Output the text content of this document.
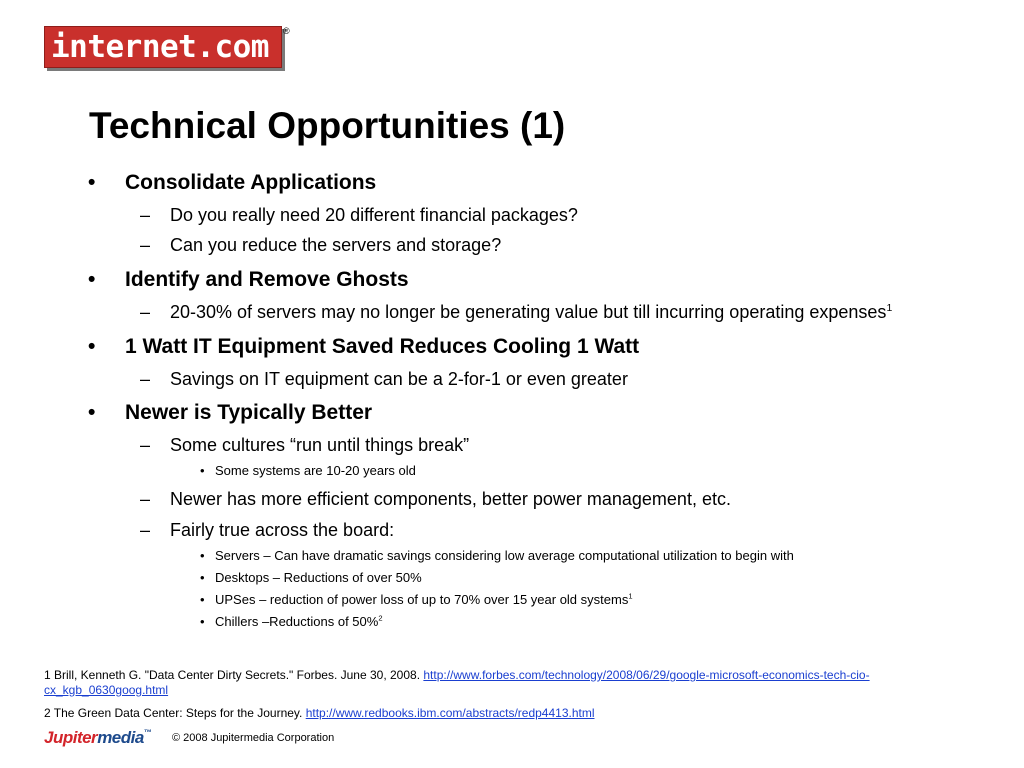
internet.com ®
Technical Opportunities (1)
• Consolidate Applications
– Do you really need 20 different financial packages?
– Can you reduce the servers and storage?
• Identify and Remove Ghosts
– 20-30% of servers may no longer be generating value but till incurring operating expenses$^1$
• 1 Watt IT Equipment Saved Reduces Cooling 1 Watt
– Savings on IT equipment can be a 2-for-1 or even greater
• Newer is Typically Better
– Some cultures “run until things break”
• Some systems are 10-20 years old
– Newer has more efficient components, better power management, etc.
– Fairly true across the board:
• Servers – Can have dramatic savings considering low average computational utilization to begin with
• Desktops – Reductions of over 50%
• UPSes – reduction of power loss of up to 70% over 15 year old systems$^1$
• Chillers –Reductions of 50%$^2$
1 Brill, Kenneth G. "Data Center Dirty Secrets." Forbes. June 30, 2008. http://www.forbes.com/technology/2008/06/29/google-microsoft-economics-tech-cio-cx_kgb_0630goog.html
2 The Green Data Center: Steps for the Journey. http://www.redbooks.ibm.com/abstracts/redp4413.html
Jupitermedia™ © 2008 Jupitermedia Corporation
